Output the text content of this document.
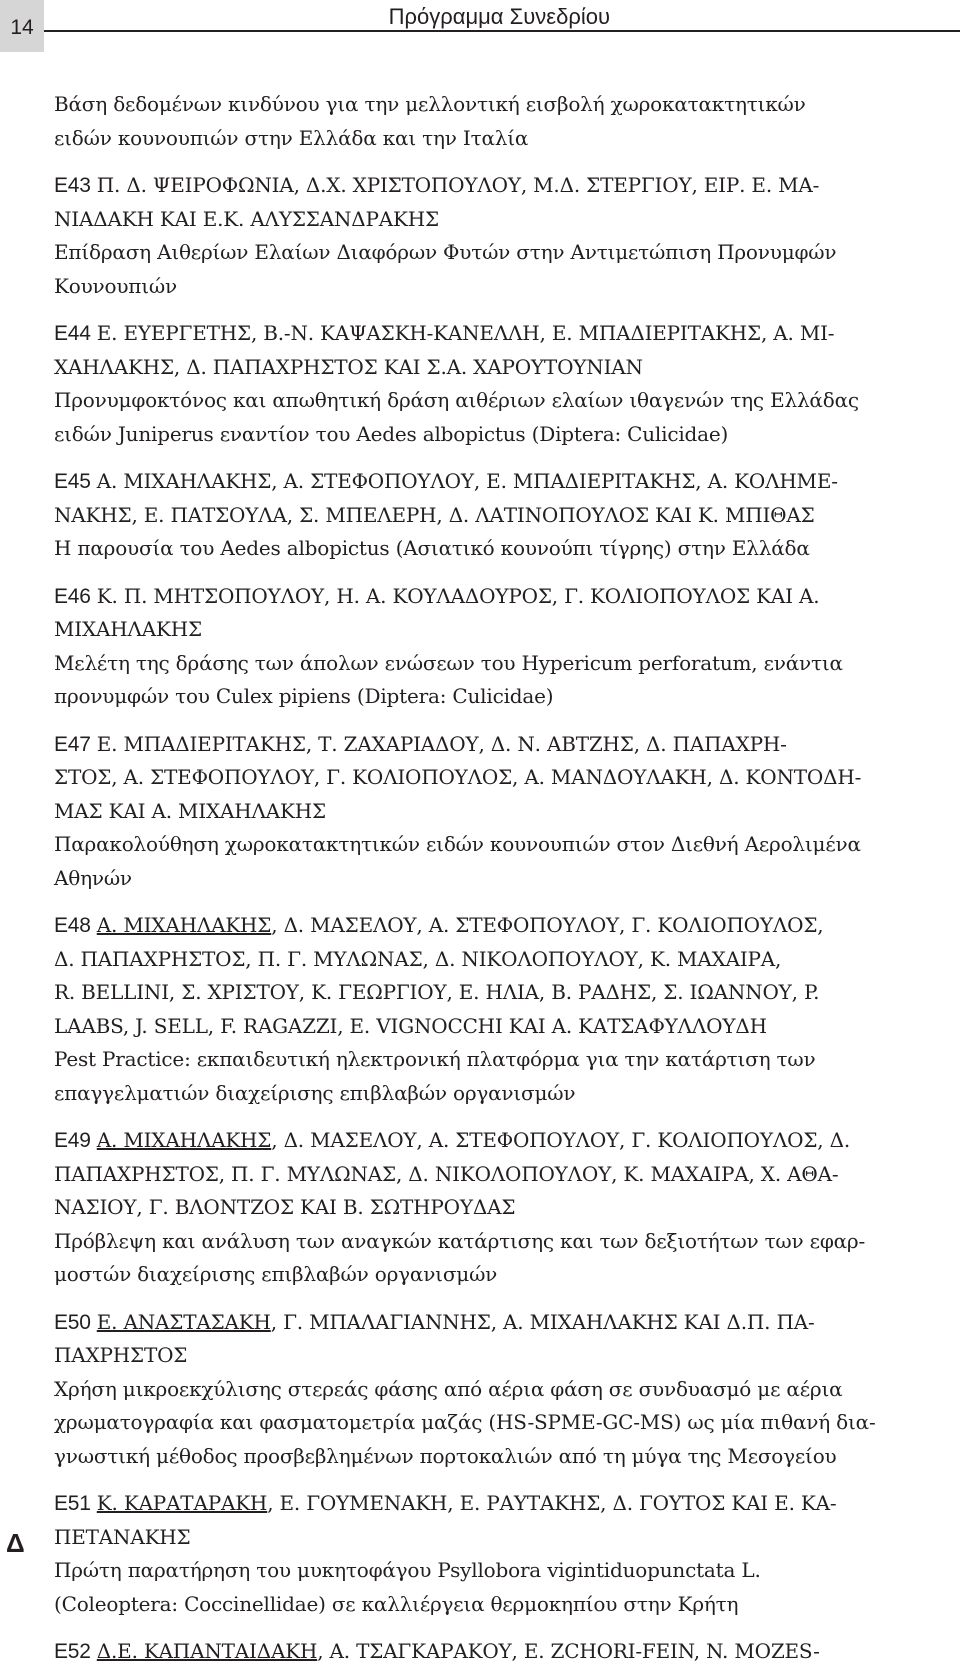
14	Πρόγραμμα Συνεδρίου
Βάση δεδομένων κινδύνου για την μελλοντική εισβολή χωροκατακτητικών
ειδών κουνουπιών στην Ελλάδα και την Ιταλία
Ε43 Π. Δ. ΨΕΙΡΟΦΩΝΙΑ, Δ.Χ. ΧΡΙΣΤΟΠΟΥΛΟΥ, Μ.Δ. ΣΤΕΡΓΙΟΥ, ΕΙΡ. Ε. ΜΑ-
ΝΙΑΔΑΚΗ ΚΑΙ Ε.Κ. ΑΛΥΣΣΑΝΔΡΑΚΗΣ
Επίδραση Αιθερίων Ελαίων Διαφόρων Φυτών στην Αντιμετώπιση Προνυμφών
Κουνουπιών
Ε44 Ε. ΕΥΕΡΓΕΤΗΣ, Β.-Ν. ΚΑΨΑΣΚΗ-ΚΑΝΕΛΛΗ, Ε. ΜΠΑΔΙΕΡΙΤΑΚΗΣ, Α. ΜΙ-
ΧΑΗΛΑΚΗΣ, Δ. ΠΑΠΑΧΡΗΣΤΟΣ ΚΑΙ Σ.Α. ΧΑΡΟΥΤΟΥΝΙΑΝ
Προνυμφοκτόνος και απωθητική δράση αιθέριων ελαίων ιθαγενών της Ελλάδας
ειδών Juniperus εναντίον του Aedes albopictus (Diptera: Culicidae)
Ε45 Α. ΜΙΧΑΗΛΑΚΗΣ, Α. ΣΤΕΦΟΠΟΥΛΟΥ, Ε. ΜΠΑΔΙΕΡΙΤΑΚΗΣ, Α. ΚΟΛΗΜΕ-
ΝΑΚΗΣ, Ε. ΠΑΤΣΟΥΛΑ, Σ. ΜΠΕΛΕΡΗ, Δ. ΛΑΤΙΝΟΠΟΥΛΟΣ ΚΑΙ Κ. ΜΠΙΘΑΣ
Η παρουσία του Aedes albopictus (Ασιατικό κουνούπι τίγρης) στην Ελλάδα
Ε46 Κ. Π. ΜΗΤΣΟΠΟΥΛΟΥ, Η. Α. ΚΟΥΛΑΔΟΥΡΟΣ, Γ. ΚΟΛΙΟΠΟΥΛΟΣ ΚΑΙ Α.
ΜΙΧΑΗΛΑΚΗΣ
Μελέτη της δράσης των άπολων ενώσεων του Hypericum perforatum, ενάντια
προνυμφών του Culex pipiens (Diptera: Culicidae)
Ε47 Ε. ΜΠΑΔΙΕΡΙΤΑΚΗΣ, Τ. ΖΑΧΑΡΙΑΔΟΥ, Δ. Ν. ΑΒΤΖΗΣ, Δ. ΠΑΠΑΧΡΗ-
ΣΤΟΣ, Α. ΣΤΕΦΟΠΟΥΛΟΥ, Γ. ΚΟΛΙΟΠΟΥΛΟΣ, Α. ΜΑΝΔΟΥΛΑΚΗ, Δ. ΚΟΝΤΟΔΗ-
ΜΑΣ ΚΑΙ Α. ΜΙΧΑΗΛΑΚΗΣ
Παρακολούθηση χωροκατακτητικών ειδών κουνουπιών στον Διεθνή Αερολιμένα
Αθηνών
Ε48 Α. ΜΙΧΑΗΛΑΚΗΣ, Δ. ΜΑΣΕΛΟΥ, Α. ΣΤΕΦΟΠΟΥΛΟΥ, Γ. ΚΟΛΙΟΠΟΥΛΟΣ,
Δ. ΠΑΠΑΧΡΗΣΤΟΣ, Π. Γ. ΜΥΛΩΝΑΣ, Δ. ΝΙΚΟΛΟΠΟΥΛΟΥ, Κ. ΜΑΧΑΙΡΑ,
R. BELLINI, Σ. ΧΡΙΣΤΟΥ, Κ. ΓΕΩΡΓΙΟΥ, Ε. ΗΛΙΑ, Β. ΡΑΔΗΣ, Σ. ΙΩΑΝΝΟΥ, P.
LAABS, J. SELL, F. RAGAZZI, E. VIGNOCCHI ΚΑΙ Α. ΚΑΤΣΑΦΥΛΛΟΥΔΗ
Pest Practice: εκπαιδευτική ηλεκτρονική πλατφόρμα για την κατάρτιση των
επαγγελματιών διαχείρισης επιβλαβών οργανισμών
Ε49 Α. ΜΙΧΑΗΛΑΚΗΣ, Δ. ΜΑΣΕΛΟΥ, Α. ΣΤΕΦΟΠΟΥΛΟΥ, Γ. ΚΟΛΙΟΠΟΥΛΟΣ, Δ.
ΠΑΠΑΧΡΗΣΤΟΣ, Π. Γ. ΜΥΛΩΝΑΣ, Δ. ΝΙΚΟΛΟΠΟΥΛΟΥ, Κ. ΜΑΧΑΙΡΑ, Χ. ΑΘΑ-
ΝΑΣΙΟΥ, Γ. ΒΛΟΝΤΖΟΣ ΚΑΙ Β. ΣΩΤΗΡΟΥΔΑΣ
Πρόβλεψη και ανάλυση των αναγκών κατάρτισης και των δεξιοτήτων των εφαρ-
μοστών διαχείρισης επιβλαβών οργανισμών
Ε50 Ε. ΑΝΑΣΤΑΣΑΚΗ, Γ. ΜΠΑΛΑΓΙΑΝΝΗΣ, Α. ΜΙΧΑΗΛΑΚΗΣ ΚΑΙ Δ.Π. ΠΑ-
ΠΑΧΡΗΣΤΟΣ
Χρήση μικροεκχύλισης στερεάς φάσης από αέρια φάση σε συνδυασμό με αέρια
χρωματογραφία και φασματομετρία μαζάς (HS-SPME-GC-MS) ως μία πιθανή δια-
γνωστική μέθοδος προσβεβλημένων πορτοκαλιών από τη μύγα της Μεσογείου
Ε51 Κ. ΚΑΡΑΤΑΡΑΚΗ, Ε. ΓΟΥΜΕΝΑΚΗ, Ε. ΡΑΥΤΑΚΗΣ, Δ. ΓΟΥΤΟΣ ΚΑΙ Ε. ΚΑ-
ΠΕΤΑΝΑΚΗΣ
Πρώτη παρατήρηση του μυκητοφάγου Psyllobora vigintiduopunctata L.
(Coleoptera: Coccinellidae) σε καλλιέργεια θερμοκηπίου στην Κρήτη
Ε52 Δ.Ε. ΚΑΠΑΝΤΑΙΔΑΚΗ, Α. ΤΣΑΓΚΑΡΑΚΟΥ, E. ZCHORI-FEIN, N. MOZES-
Δ
